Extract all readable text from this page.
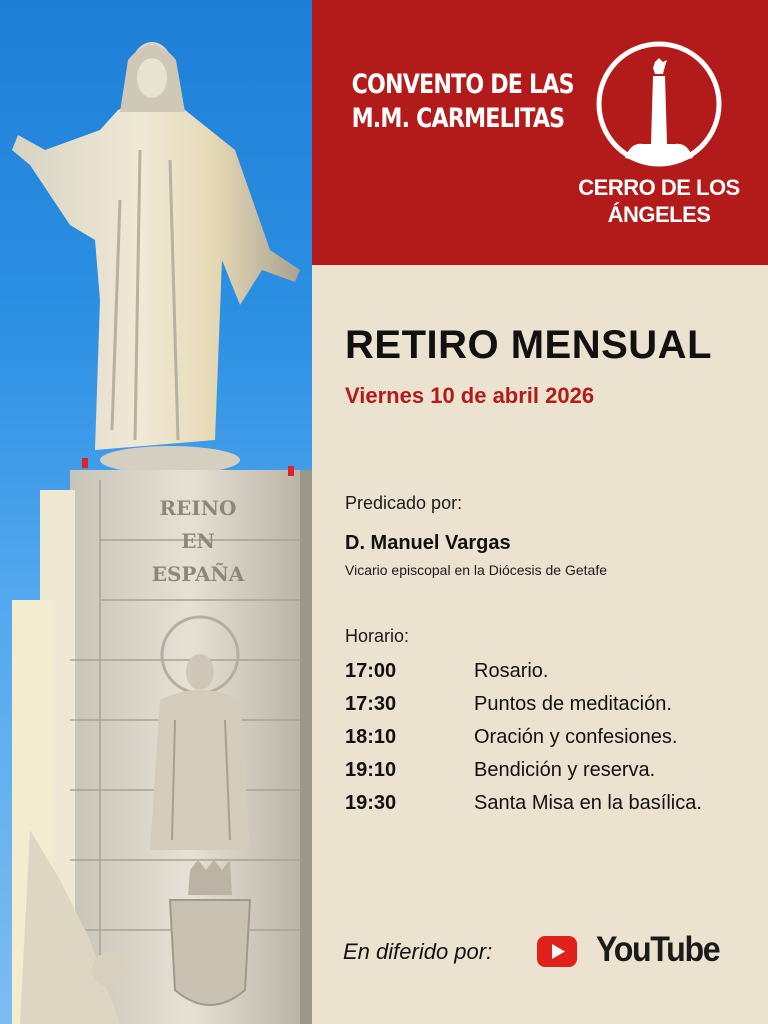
REINO
EN
ESPAÑA
CONVENTO DE LAS
M.M. CARMELITAS
CERRO DE LOS
ÁNGELES
RETIRO MENSUAL
Viernes 10 de abril 2026
Predicado por:
D. Manuel Vargas
Vicario episcopal en la Diócesis de Getafe
Horario:
17:00	Rosario.
17:30	Puntos de meditación.
18:10	Oración y confesiones.
19:10	Bendición y reserva.
19:30	Santa Misa en la basílica.
En diferido por:	YouTube
